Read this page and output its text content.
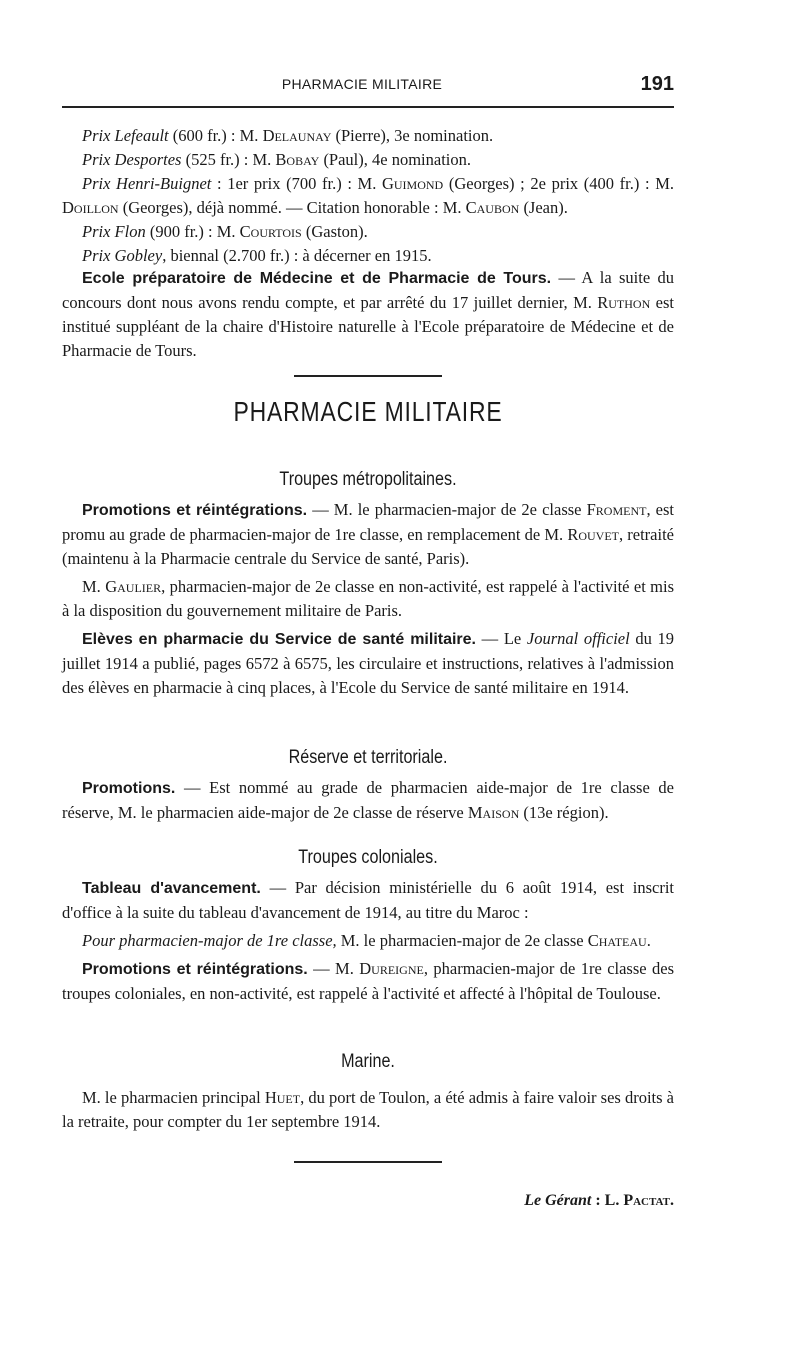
PHARMACIE MILITAIRE	191

Prix Lefeault (600 fr.) : M. Delaunay (Pierre), 3e nomination.

Prix Desportes (525 fr.) : M. Bobay (Paul), 4e nomination.

Prix Henri-Buignet : 1er prix (700 fr.) : M. Guimond (Georges) ; 2e prix (400 fr.) : M. Doillon (Georges), déjà nommé. — Citation honorable : M. Caubon (Jean).

Prix Flon (900 fr.) : M. Courtois (Gaston).

Prix Gobley, biennal (2.700 fr.) : à décerner en 1915.

Ecole préparatoire de Médecine et de Pharmacie de Tours. — A la suite du concours dont nous avons rendu compte, et par arrêté du 17 juillet dernier, M. Ruthon est institué suppléant de la chaire d'Histoire naturelle à l'Ecole préparatoire de Médecine et de Pharmacie de Tours.

PHARMACIE MILITAIRE
Troupes métropolitaines.

Promotions et réintégrations. — M. le pharmacien-major de 2e classe Froment, est promu au grade de pharmacien-major de 1re classe, en remplacement de M. Rouvet, retraité (maintenu à la Pharmacie centrale du Service de santé, Paris).

M. Gaulier, pharmacien-major de 2e classe en non-activité, est rappelé à l'activité et mis à la disposition du gouvernement militaire de Paris.

Elèves en pharmacie du Service de santé militaire. — Le Journal officiel du 19 juillet 1914 a publié, pages 6572 à 6575, les circulaire et instructions, relatives à l'admission des élèves en pharmacie à cinq places, à l'Ecole du Service de santé militaire en 1914.

Réserve et territoriale.

Promotions. — Est nommé au grade de pharmacien aide-major de 1re classe de réserve, M. le pharmacien aide-major de 2e classe de réserve Maison (13e région).

Troupes coloniales.

Tableau d'avancement. — Par décision ministérielle du 6 août 1914, est inscrit d'office à la suite du tableau d'avancement de 1914, au titre du Maroc :

Pour pharmacien-major de 1re classe, M. le pharmacien-major de 2e classe Chateau.

Promotions et réintégrations. — M. Dureigne, pharmacien-major de 1re classe des troupes coloniales, en non-activité, est rappelé à l'activité et affecté à l'hôpital de Toulouse.

Marine.

M. le pharmacien principal Huet, du port de Toulon, a été admis à faire valoir ses droits à la retraite, pour compter du 1er septembre 1914.

Le Gérant : L. Pactat.
